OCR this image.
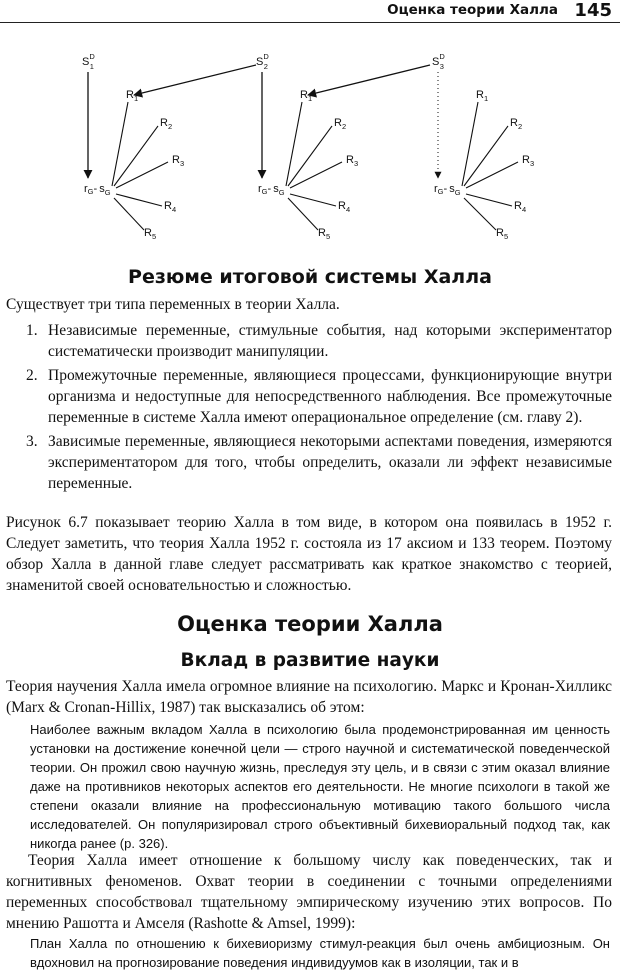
Оценка теории Халла 145
$S^D$ 1
$R_1$
$R_2$
$R_3$
$R_4$
$R_5$
rG- $s_G$
$S^D$ 2
$R_1$
$R_2$
$R_3$
$R_4$
$R_5$
rG- $s_G$
$S^D$ 3
$R_1$
$R_2$
$R_3$
$R_4$
$R_5$
rG- $s_G$
Резюме итоговой системы Халла
Существует три типа переменных в теории Халла.
1. Независимые переменные, стимульные события, над которыми экспериментатор систематически производит манипуляции.
2. Промежуточные переменные, являющиеся процессами, функционирующие внутри организма и недоступные для непосредственного наблюдения. Все промежуточные переменные в системе Халла имеют операциональное определение (см. главу 2).
3. Зависимые переменные, являющиеся некоторыми аспектами поведения, измеряются экспериментатором для того, чтобы определить, оказали ли эффект независимые переменные.
Рисунок 6.7 показывает теорию Халла в том виде, в котором она появилась в 1952 г. Следует заметить, что теория Халла 1952 г. состояла из 17 аксиом и 133 теорем. Поэтому обзор Халла в данной главе следует рассматривать как краткое знакомство с теорией, знаменитой своей основательностью и сложностью.
Оценка теории Халла
Вклад в развитие науки
Теория научения Халла имела огромное влияние на психологию. Маркс и Кронан-Хилликс (Marx & Cronan-Hillix, 1987) так высказались об этом:
Наиболее важным вкладом Халла в психологию была продемонстрированная им ценность установки на достижение конечной цели — строго научной и систематической поведенческой теории. Он прожил свою научную жизнь, преследуя эту цель, и в связи с этим оказал влияние даже на противников некоторых аспектов его деятельности. Не многие психологи в такой же степени оказали влияние на профессиональную мотивацию такого большого числа исследователей. Он популяризировал строго объективный бихевиоральный подход так, как никогда ранее (р. 326).
Теория Халла имеет отношение к большому числу как поведенческих, так и когнитивных феноменов. Охват теории в соединении с точными определениями переменных способствовал тщательному эмпирическому изучению этих вопросов. По мнению Рашотта и Амселя (Rashotte & Amsel, 1999):
План Халла по отношению к бихевиоризму стимул-реакция был очень амбициозным. Он вдохновил на прогнозирование поведения индивидуумов как в изоляции, так и в
